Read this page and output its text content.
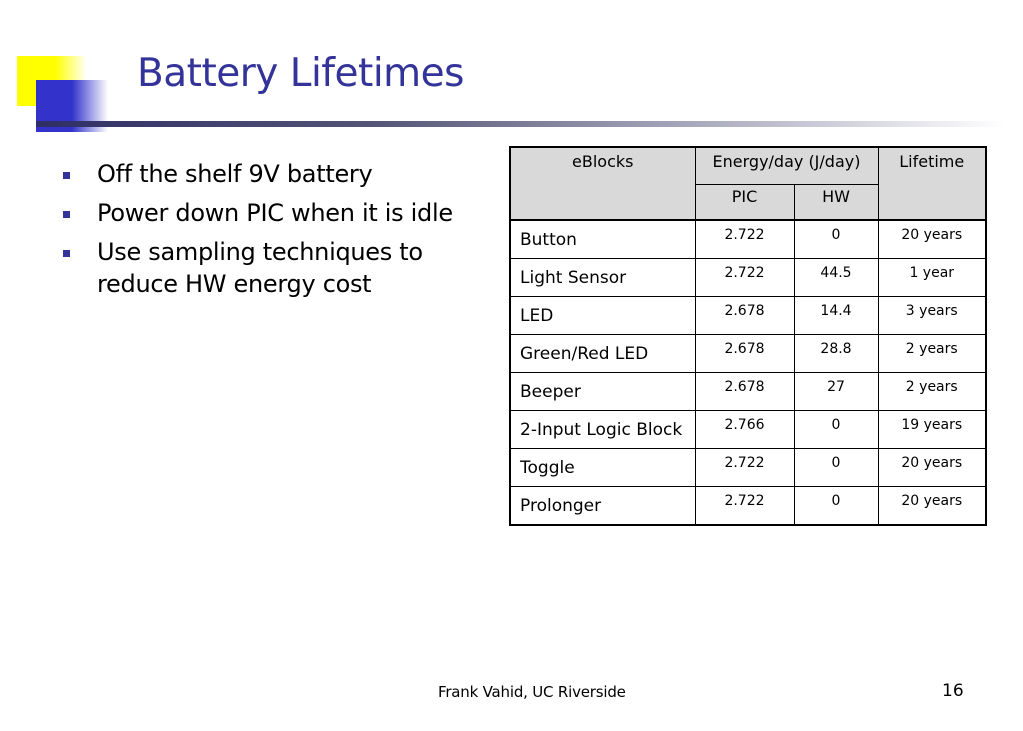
Battery Lifetimes
Off the shelf 9V battery
Power down PIC when it is idle
Use sampling techniques to reduce HW energy cost
eBlocks	Energy/day (J/day)		Lifetime
	PIC	HW	
Button	2.722	0	20 years
Light Sensor	2.722	44.5	1 year
LED	2.678	14.4	3 years
Green/Red LED	2.678	28.8	2 years
Beeper	2.678	27	2 years
2-Input Logic Block	2.766	0	19 years
Toggle	2.722	0	20 years
Prolonger	2.722	0	20 years
Frank Vahid, UC Riverside	16
